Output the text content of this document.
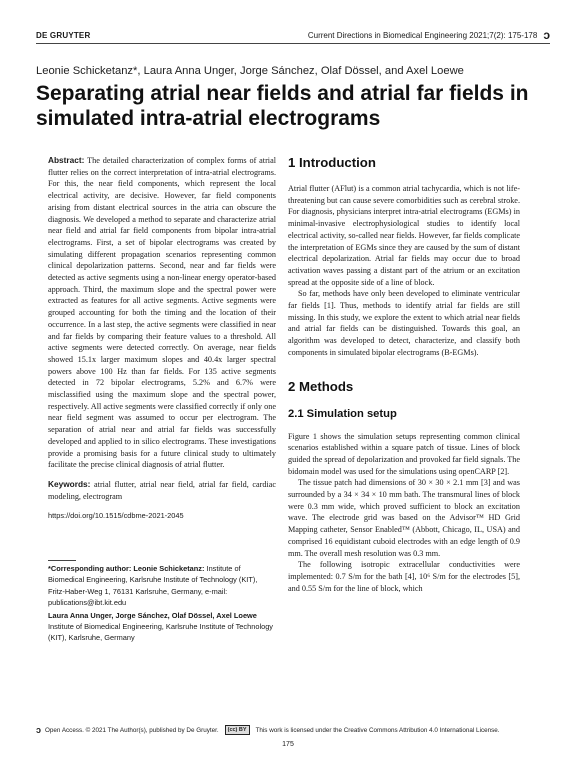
DE GRUYTER	Current Directions in Biomedical Engineering 2021;7(2): 175-178 ɔ
Leonie Schicketanz*, Laura Anna Unger, Jorge Sánchez, Olaf Dössel, and Axel Loewe
Separating atrial near fields and atrial far fields in simulated intra-atrial electrograms
Abstract: The detailed characterization of complex forms of atrial flutter relies on the correct interpretation of intra-atrial electrograms. For this, the near field components, which represent the local electrical activity, are decisive. However, far field components arising from distant electrical sources in the atria can obscure the diagnosis. We developed a method to separate and characterize atrial near field and atrial far field components from bipolar intra-atrial electrograms. First, a set of bipolar electrograms was created by simulating different propagation scenarios representing common clinical depolarization patterns. Second, near and far fields were detected as active segments using a non-linear energy operator-based approach. Third, the maximum slope and the spectral power were extracted as features for all active segments. Active segments were grouped accounting for both the timing and the location of their occurrence. In a last step, the active segments were classified in near and far fields by comparing their feature values to a threshold. All active segments were detected correctly. On average, near fields showed 15.1x larger maximum slopes and 40.4x larger spectral powers above 100 Hz than far fields. For 135 active segments detected in 72 bipolar electrograms, 5.2% and 6.7% were misclassified using the maximum slope and the spectral power, respectively. All active segments were classified correctly if only one near field segment was assumed to occur per electrogram. The separation of atrial near and atrial far fields was successfully developed and applied to in silico electrograms. These investigations provide a promising basis for a future clinical study to ultimately facilitate the precise clinical diagnosis of atrial flutter.
Keywords: atrial flutter, atrial near field, atrial far field, cardiac modeling, electrogram
https://doi.org/10.1515/cdbme-2021-2045
*Corresponding author: Leonie Schicketanz: Institute of Biomedical Engineering, Karlsruhe Institute of Technology (KIT), Fritz-Haber-Weg 1, 76131 Karlsruhe, Germany, e-mail: publications@ibt.kit.edu
Laura Anna Unger, Jorge Sánchez, Olaf Dössel, Axel Loewe
Institute of Biomedical Engineering, Karlsruhe Institute of Technology (KIT), Karlsruhe, Germany
1 Introduction

Atrial flutter (AFlut) is a common atrial tachycardia, which is not life-threatening but can cause severe comorbidities such as cerebral stroke. For diagnosis, physicians interpret intra-atrial electrograms (EGMs) in minimal-invasive electrophysiological studies to identify local electrical activity, so-called near fields. However, far fields complicate the interpretation of EGMs since they are caused by the sum of distant electrical depolarization. Atrial far fields may occur due to broad activation waves passing a distant part of the atrium or an excitation spread at the opposite side of a line of block.

So far, methods have only been developed to eliminate ventricular far fields [1]. Thus, methods to identify atrial far fields are still missing. In this study, we explore the extent to which atrial near fields and atrial far fields can be distinguished. Towards this goal, an algorithm was developed to detect, characterize, and classify both components in simulated bipolar electrograms (B-EGMs).

2 Methods
2.1 Simulation setup

Figure 1 shows the simulation setups representing common clinical scenarios established within a square patch of tissue. Lines of block guided the spread of depolarization and provoked far field signals. The bidomain model was used for the simulations using openCARP [2].

The tissue patch had dimensions of 30 × 30 × 2.1 mm [3] and was surrounded by a 34 × 34 × 10 mm bath. The transmural lines of block were 0.3 mm wide, which proved sufficient to block an excitation wave. The electrode grid was based on the Advisor™ HD Grid Mapping catheter, Sensor Enabled™ (Abbott, Chicago, IL, USA) and comprised 16 equidistant cuboid electrodes with an edge length of 0.9 mm. The overall mesh resolution was 0.3 mm.

The following isotropic extracellular conductivities were implemented: 0.7 S/m for the bath [4], 10⁶ S/m for the electrodes [5], and 0.55 S/m for the line of block, which

ɔ Open Access. © 2021 The Author(s), published by De Gruyter.	(cc) BY	This work is licensed under the Creative Commons Attribution 4.0 International License.
175
